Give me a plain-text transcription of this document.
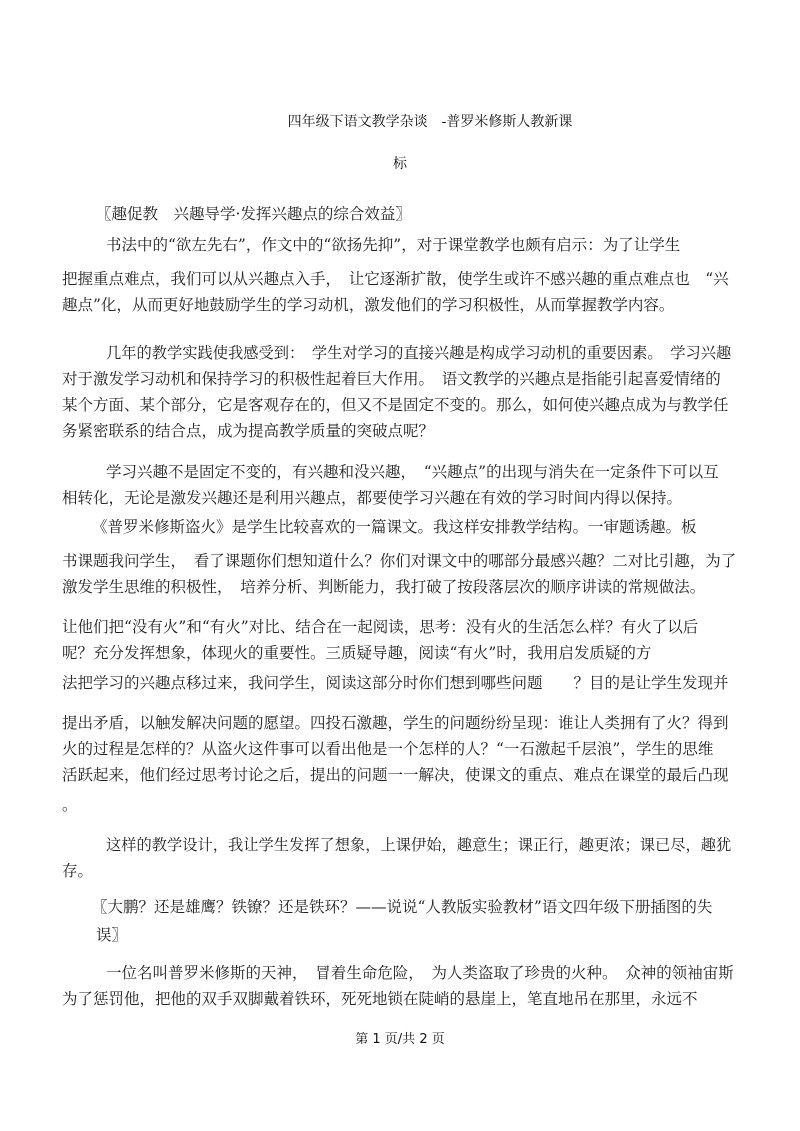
四年级下语文教学杂谈　-普罗米修斯人教新课
标
〖趣促教　兴趣导学·发挥兴趣点的综合效益〗
书法中的“欲左先右”，作文中的“欲扬先抑”，对于课堂教学也颇有启示：为了让学生
把握重点难点，我们可以从兴趣点入手，　让它逐渐扩散，使学生或许不感兴趣的重点难点也　“兴
趣点”化，从而更好地鼓励学生的学习动机，激发他们的学习积极性，从而掌握教学内容。
几年的教学实践使我感受到：　学生对学习的直接兴趣是构成学习动机的重要因素。　学习兴趣
对于激发学习动机和保持学习的积极性起着巨大作用。　语文教学的兴趣点是指能引起喜爱情绪的
某个方面、某个部分，它是客观存在的，但又不是固定不变的。那么，如何使兴趣点成为与教学任
务紧密联系的结合点，成为提高教学质量的突破点呢？
学习兴趣不是固定不变的，有兴趣和没兴趣，　“兴趣点”的出现与消失在一定条件下可以互
相转化，无论是激发兴趣还是利用兴趣点，都要使学习兴趣在有效的学习时间内得以保持。
《普罗米修斯盗火》是学生比较喜欢的一篇课文。我这样安排教学结构。一审题诱趣。板
书课题我问学生，　看了课题你们想知道什么？你们对课文中的哪部分最感兴趣？二对比引趣，为了
激发学生思维的积极性，　培养分析、判断能力，我打破了按段落层次的顺序讲读的常规做法。
让他们把“没有火”和“有火”对比、结合在一起阅读，思考：没有火的生活怎么样？有火了以后
呢？充分发挥想象，体现火的重要性。三质疑导趣，阅读“有火”时，我用启发质疑的方
法把学习的兴趣点移过来，我问学生，阅读这部分时你们想到哪些问题　　？目的是让学生发现并
提出矛盾，以触发解决问题的愿望。四投石激趣，学生的问题纷纷呈现：谁让人类拥有了火？得到
火的过程是怎样的？从盗火这件事可以看出他是一个怎样的人？“一石激起千层浪”，学生的思维
活跃起来，他们经过思考讨论之后，提出的问题一一解决，使课文的重点、难点在课堂的最后凸现
。
这样的教学设计，我让学生发挥了想象，上课伊始，趣意生；课正行，趣更浓；课已尽，趣犹
存。
〖大鹏？还是雄鹰？铁镣？还是铁环？——说说“人教版实验教材”语文四年级下册插图的失
误〗
一位名叫普罗米修斯的天神，　冒着生命危险，　为人类盗取了珍贵的火种。　众神的领袖宙斯
为了惩罚他，把他的双手双脚戴着铁环，死死地锁在陡峭的悬崖上，笔直地吊在那里，永远不
第 1 页/共 2 页
